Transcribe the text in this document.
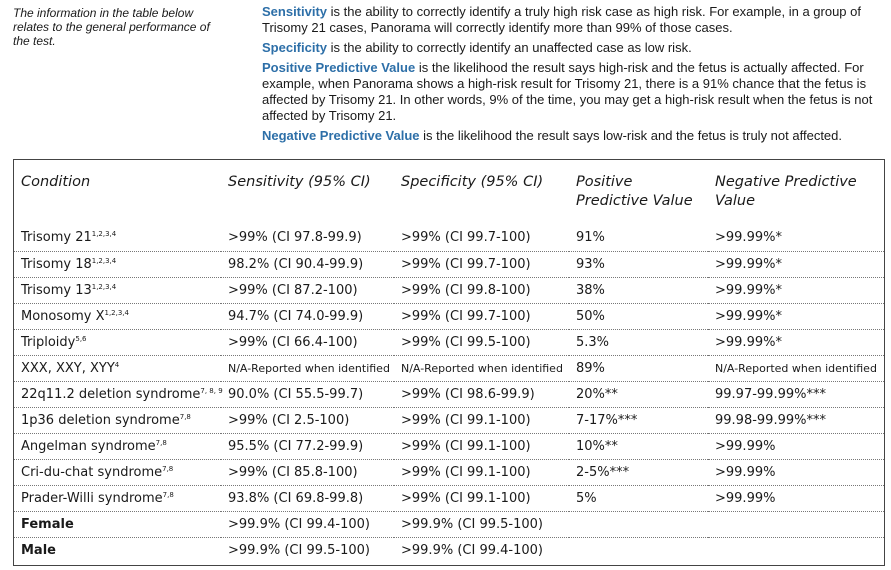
The information in the table below relates to the general performance of the test.

Sensitivity is the ability to correctly identify a truly high risk case as high risk. For example, in a group of Trisomy 21 cases, Panorama will correctly identify more than 99% of those cases.

Specificity is the ability to correctly identify an unaffected case as low risk.

Positive Predictive Value is the likelihood the result says high-risk and the fetus is actually affected. For example, when Panorama shows a high-risk result for Trisomy 21, there is a 91% chance that the fetus is affected by Trisomy 21. In other words, 9% of the time, you may get a high-risk result when the fetus is not affected by Trisomy 21.

Negative Predictive Value is the likelihood the result says low-risk and the fetus is truly not affected.

Condition	Sensitivity (95% CI)	Specificity (95% CI)	Positive Predictive Value	Negative Predictive Value
Trisomy $21^{1,2,3,4}$	>99% (CI 97.8-99.9)	>99% (CI 99.7-100)	91%	>99.99%*
Trisomy 18$^{1,2,3,4}$	98.2% (CI 90.4-99.9)	>99% (CI 99.7-100)	93%	>99.99%*
Trisomy $13^{1,2,3,4}$	>99% (CI 87.2-100)	>99% (CI 99.8-100)	38%	>99.99%*
Monosomy X$^{1,2,3,4}$	94.7% (CI 74.0-99.9)	>99% (CI 99.7-100)	50%	>99.99%*
Triploidy$^{5,6}$	>99% (CI 66.4-100)	>99% (CI 99.5-100)	5.3%	>99.99%*
XXX, XXY, XYY$^4$	N/A-Reported when identified	N/A-Reported when identified	89%	N/A-Reported when identified
22q11.2 deletion syndrome$^{7, 8, 9}$	90.0% (CI 55.5-99.7)	>99% (CI 98.6-99.9)	20%**	99.97-99.99%***
1p36 deletion syndrome$^{7,8}$	>99% (CI 2.5-100)	>99% (CI 99.1-100)	7-17%***	99.98-99.99%***
Angelman syndrome$^{7,8}$	95.5% (CI 77.2-99.9)	>99% (CI 99.1-100)	10%**	>99.99%
Cri-du-chat syndrome$^{7,8}$	>99% (CI 85.8-100)	>99% (CI 99.1-100)	2-5%***	>99.99%
Prader-Willi syndrome$^{7,8}$	93.8% (CI 69.8-99.8)	>99% (CI 99.1-100)	5%	>99.99%
Female	>99.9% (CI 99.4-100)	>99.9% (CI 99.5-100)		
Male	>99.9% (CI 99.5-100)	>99.9% (CI 99.4-100)		
